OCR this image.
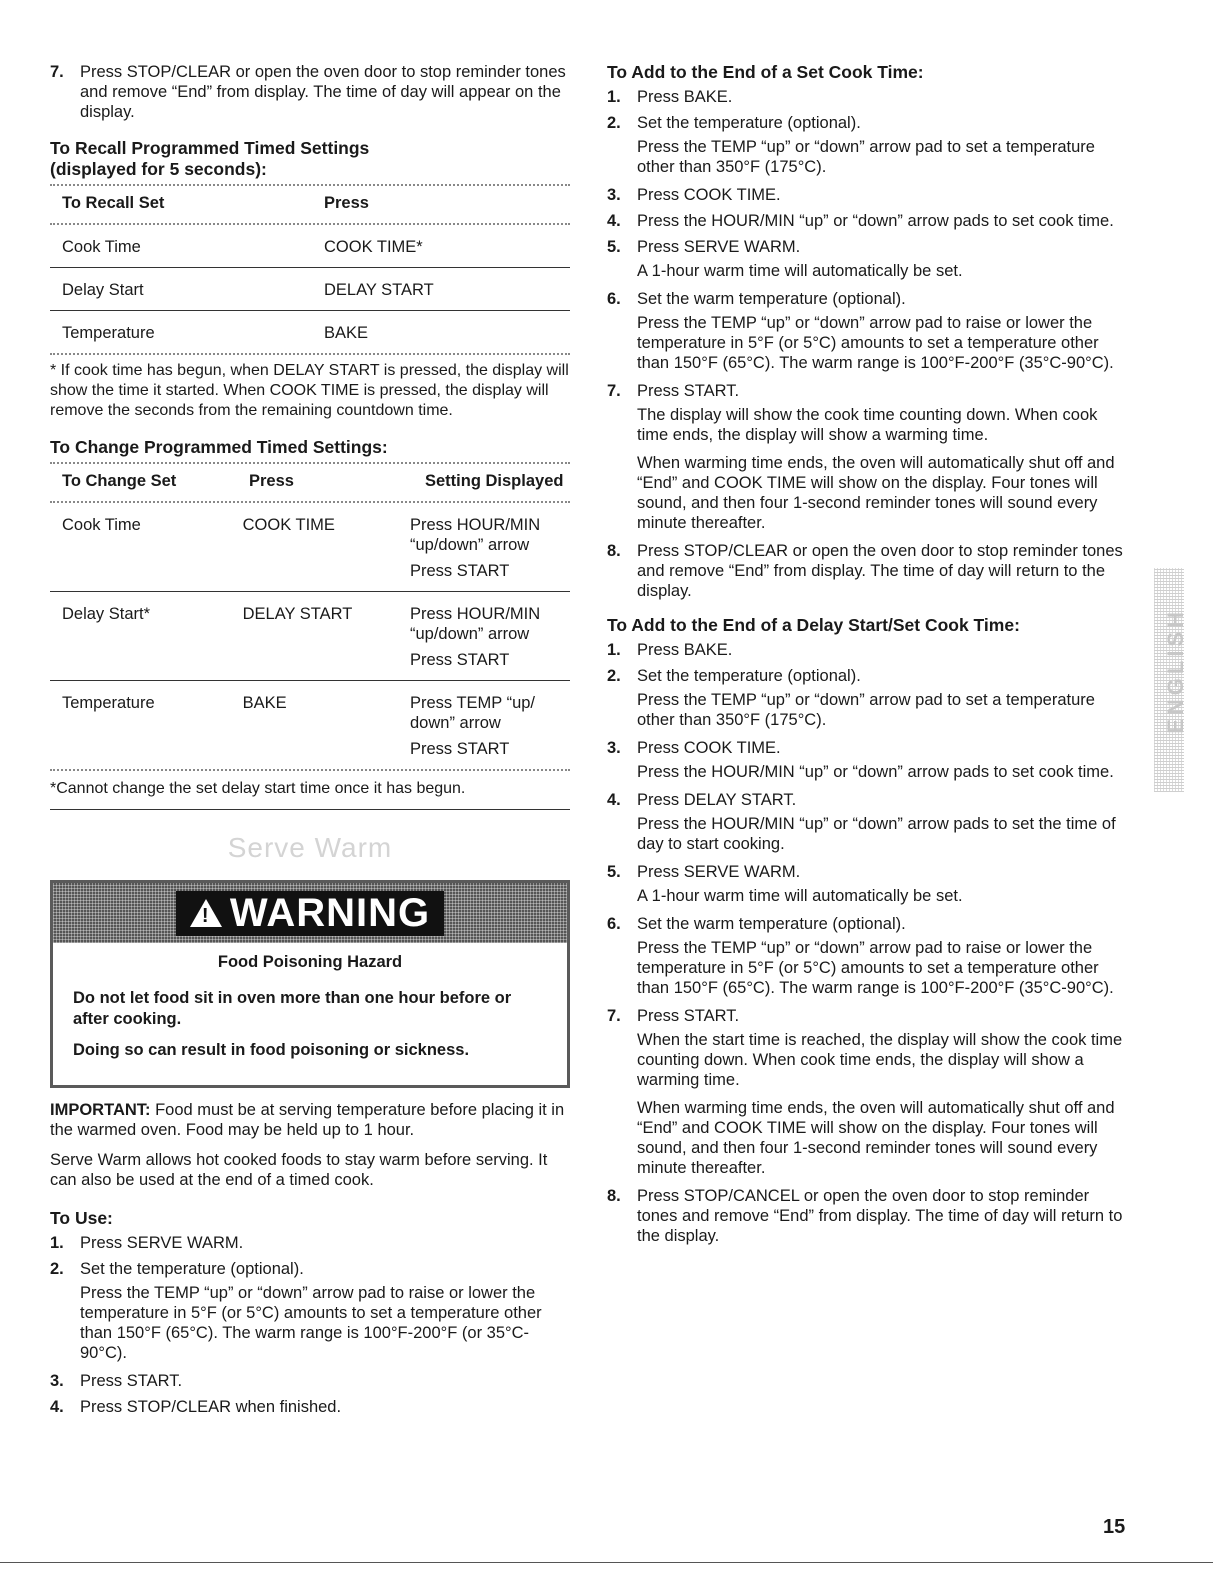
7. Press STOP/CLEAR or open the oven door to stop reminder tones and remove “End” from display. The time of day will appear on the display.
To Recall Programmed Timed Settings
(displayed for 5 seconds):
To Recall Set	Press
Cook Time	COOK TIME*
Delay Start	DELAY START
Temperature	BAKE
* If cook time has begun, when DELAY START is pressed, the display will show the time it started. When COOK TIME is pressed, the display will remove the seconds from the remaining countdown time.
To Change Programmed Timed Settings:
To Change Set	Press	Setting Displayed
Cook Time	COOK TIME	Press HOUR/MIN “up/down” arrow
Press START

Delay Start*	DELAY START	Press HOUR/MIN “up/down” arrow
Press START

Temperature	BAKE	Press TEMP “up/ down” arrow
Press START
*Cannot change the set delay start time once it has begun.
Serve Warm
! WARNING
Food Poisoning Hazard
Do not let food sit in oven more than one hour before or after cooking.
Doing so can result in food poisoning or sickness.
IMPORTANT: Food must be at serving temperature before placing it in the warmed oven. Food may be held up to 1 hour.
Serve Warm allows hot cooked foods to stay warm before serving. It can also be used at the end of a timed cook.
To Use:
1. Press SERVE WARM.
2. Set the temperature (optional).
Press the TEMP “up” or “down” arrow pad to raise or lower the temperature in 5°F (or 5°C) amounts to set a temperature other than 150°F (65°C). The warm range is 100°F-200°F (or 35°C-90°C).
3. Press START.
4. Press STOP/CLEAR when finished.
To Add to the End of a Set Cook Time:
1. Press BAKE.
2. Set the temperature (optional).
Press the TEMP “up” or “down” arrow pad to set a temperature other than 350°F (175°C).
3. Press COOK TIME.
4. Press the HOUR/MIN “up” or “down” arrow pads to set cook time.
5. Press SERVE WARM.
A 1-hour warm time will automatically be set.
6. Set the warm temperature (optional).
Press the TEMP “up” or “down” arrow pad to raise or lower the temperature in 5°F (or 5°C) amounts to set a temperature other than 150°F (65°C). The warm range is 100°F-200°F (35°C-90°C).
7. Press START.
The display will show the cook time counting down. When cook time ends, the display will show a warming time.
When warming time ends, the oven will automatically shut off and “End” and COOK TIME will show on the display. Four tones will sound, and then four 1-second reminder tones will sound every minute thereafter.
8. Press STOP/CLEAR or open the oven door to stop reminder tones and remove “End” from display. The time of day will return to the display.
To Add to the End of a Delay Start/Set Cook Time:
1. Press BAKE.
2. Set the temperature (optional).
Press the TEMP “up” or “down” arrow pad to set a temperature other than 350°F (175°C).
3. Press COOK TIME.
Press the HOUR/MIN “up” or “down” arrow pads to set cook time.
4. Press DELAY START.
Press the HOUR/MIN “up” or “down” arrow pads to set the time of day to start cooking.
5. Press SERVE WARM.
A 1-hour warm time will automatically be set.
6. Set the warm temperature (optional).
Press the TEMP “up” or “down” arrow pad to raise or lower the temperature in 5°F (or 5°C) amounts to set a temperature other than 150°F (65°C). The warm range is 100°F-200°F (35°C-90°C).
7. Press START.
When the start time is reached, the display will show the cook time counting down. When cook time ends, the display will show a warming time.
When warming time ends, the oven will automatically shut off and “End” and COOK TIME will show on the display. Four tones will sound, and then four 1-second reminder tones will sound every minute thereafter.
8. Press STOP/CANCEL or open the oven door to stop reminder tones and remove “End” from display. The time of day will return to the display.
ENGLISH
15
